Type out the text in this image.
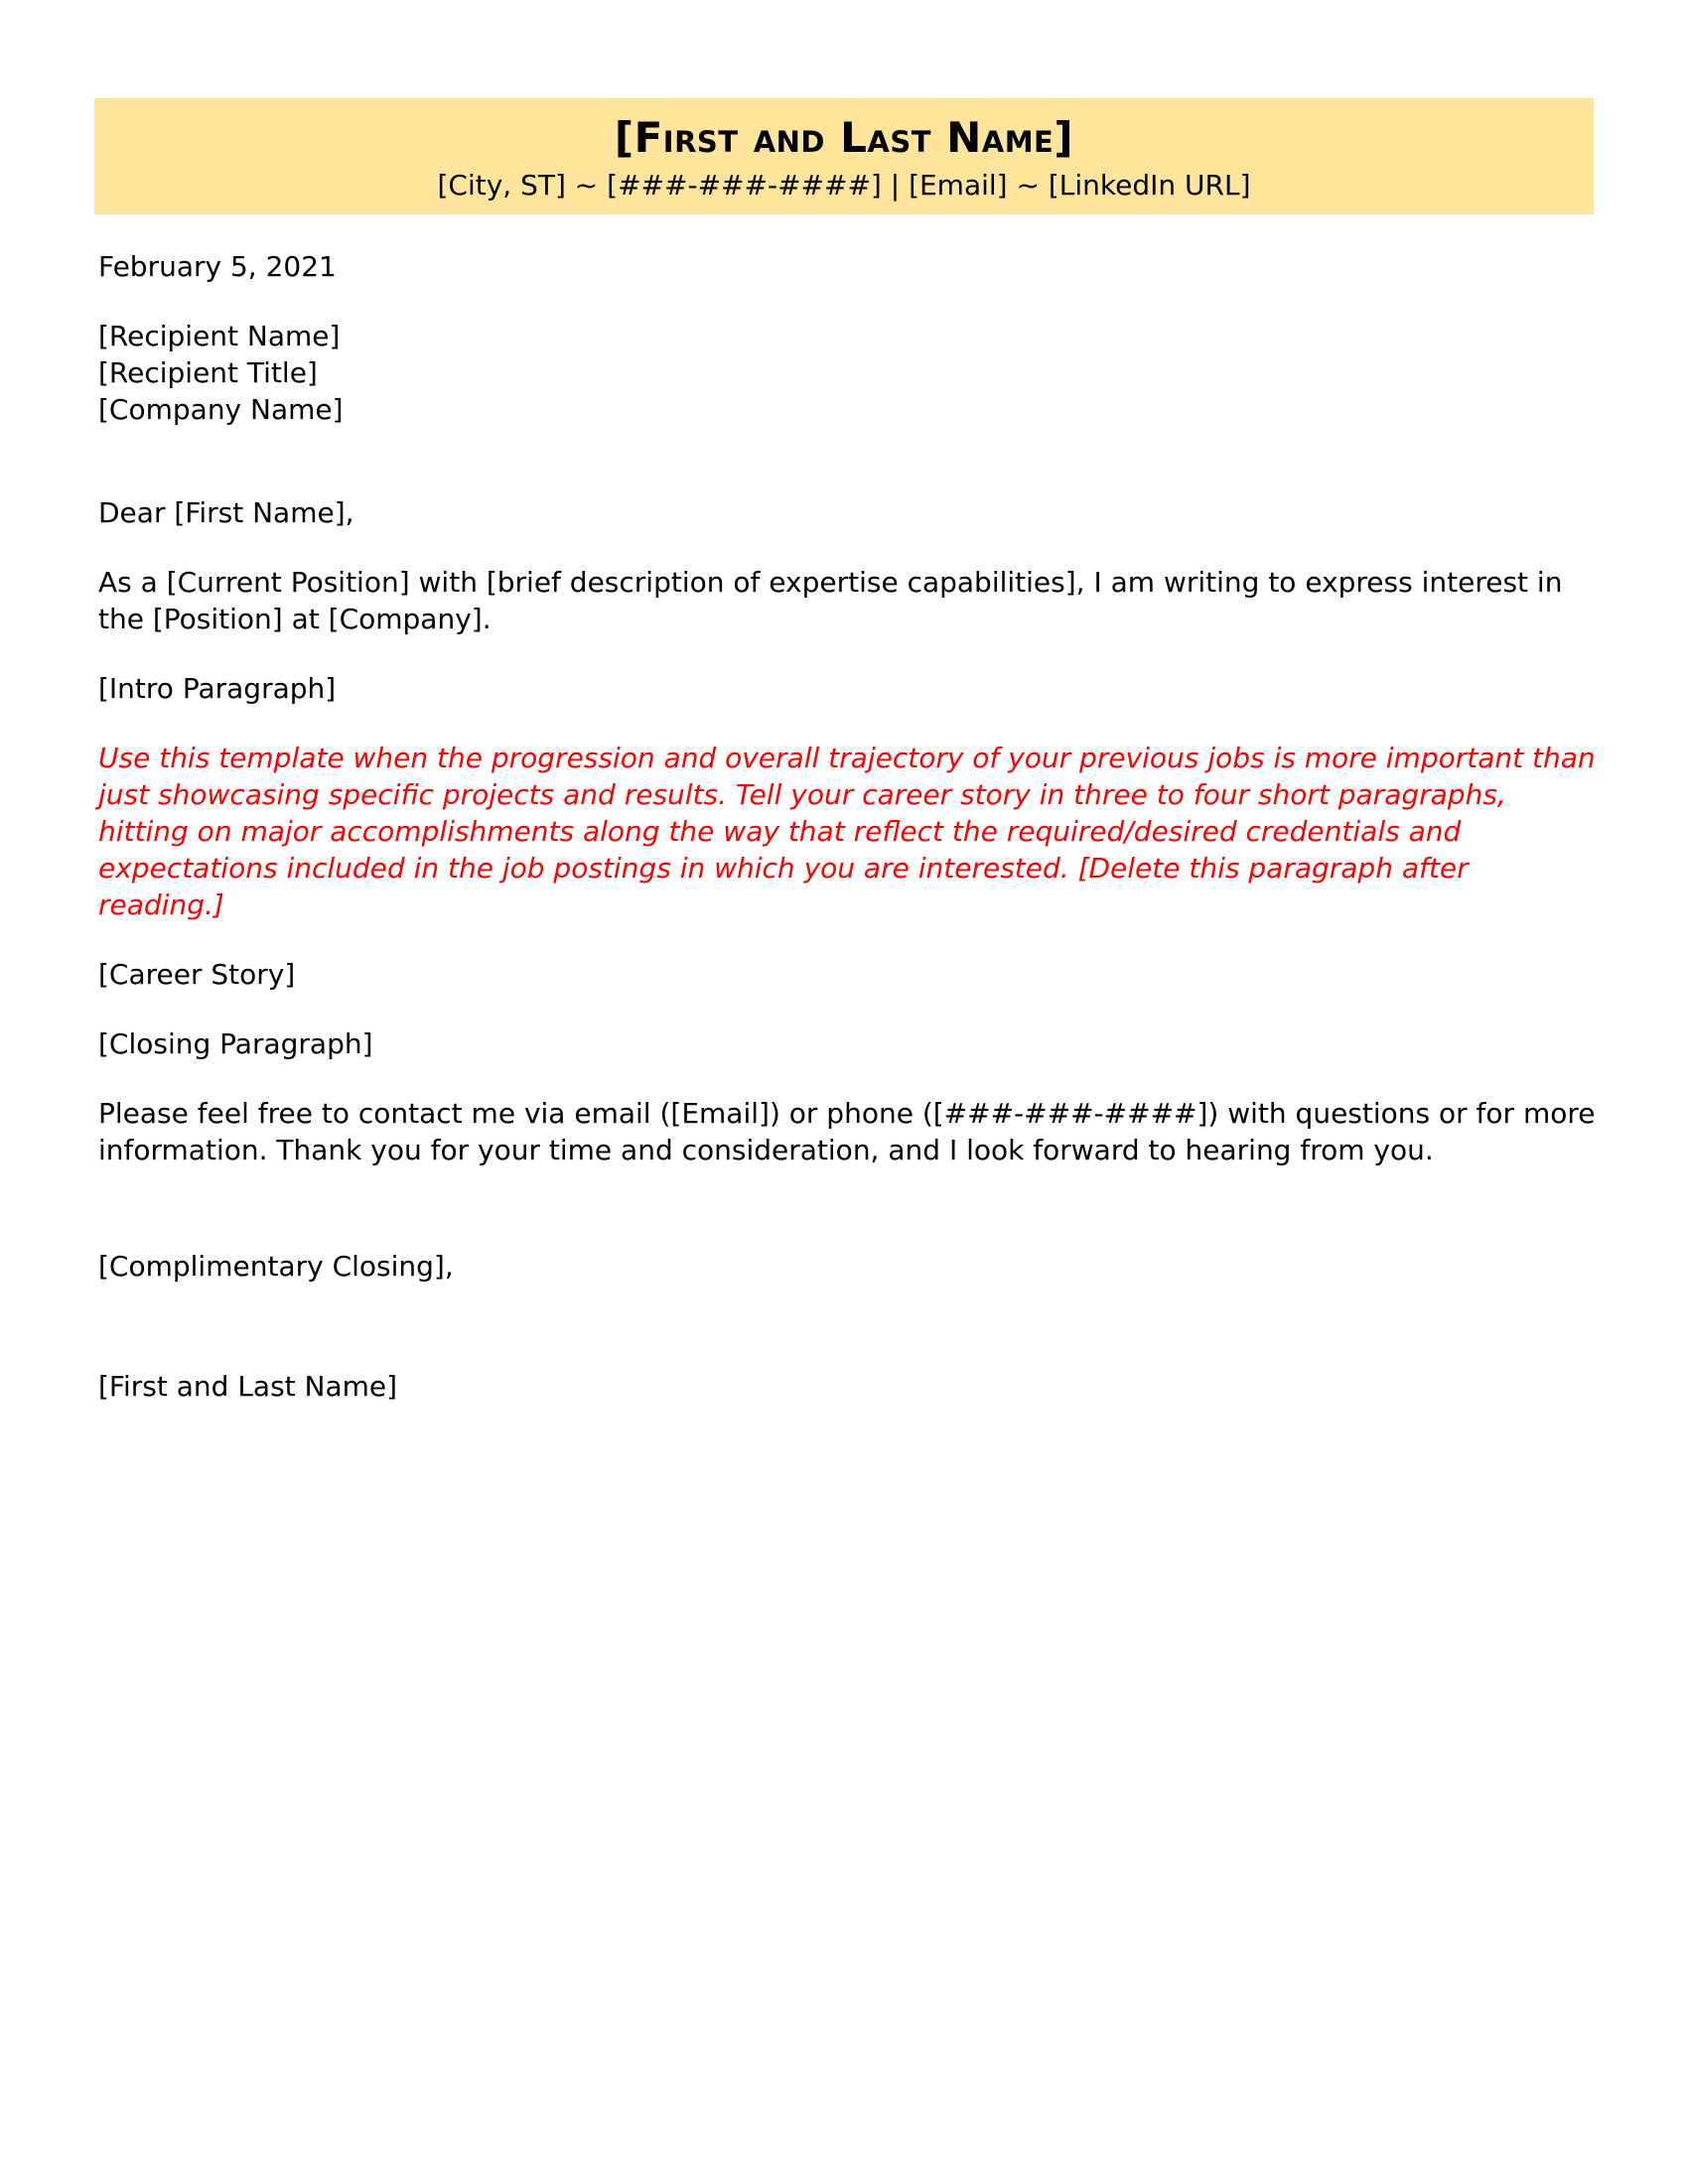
[First and Last Name]
[City, ST] ~ [###-###-####] | [Email] ~ [LinkedIn URL]

February 5, 2021

[Recipient Name]

[Recipient Title]

[Company Name]

Dear [First Name],

As a [Current Position] with [brief description of expertise capabilities], I am writing to express interest in the [Position] at [Company].

[Intro Paragraph]

Use this template when the progression and overall trajectory of your previous jobs is more important than just showcasing specific projects and results. Tell your career story in three to four short paragraphs, hitting on major accomplishments along the way that reflect the required/desired credentials and expectations included in the job postings in which you are interested. [Delete this paragraph after reading.]

[Career Story]

[Closing Paragraph]

Please feel free to contact me via email ([Email]) or phone ([###-###-####]) with questions or for more information. Thank you for your time and consideration, and I look forward to hearing from you.

[Complimentary Closing],

[First and Last Name]
